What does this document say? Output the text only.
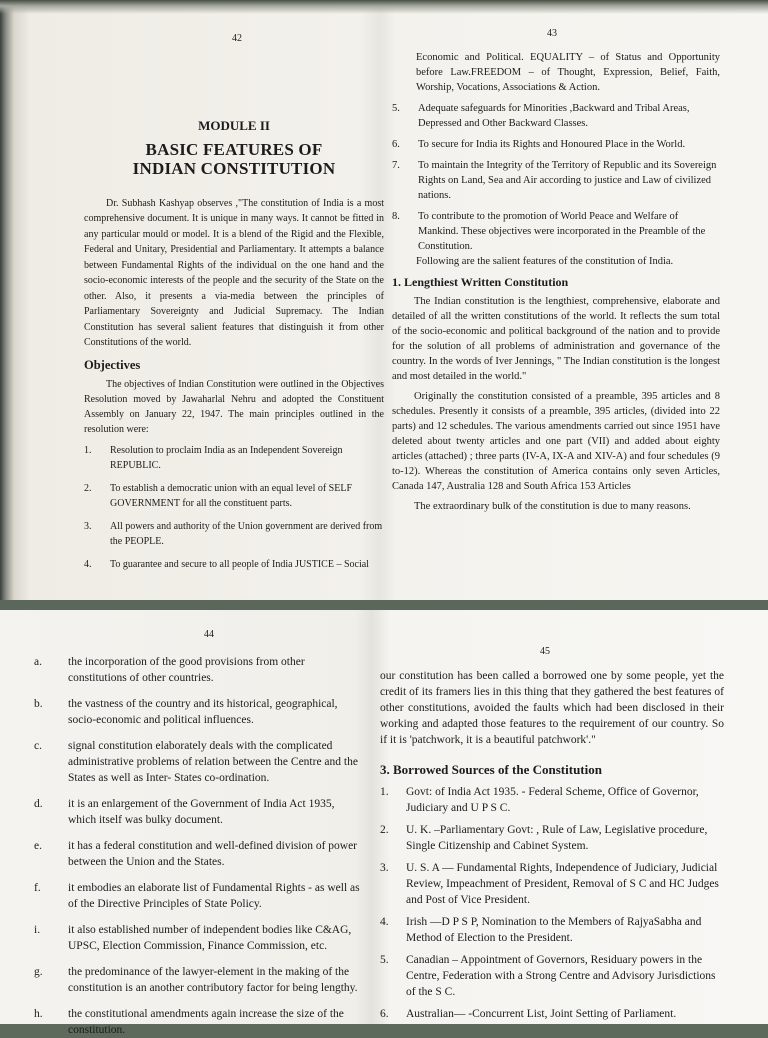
42
MODULE II
BASIC FEATURES OF
INDIAN CONSTITUTION

Dr. Subhash Kashyap observes ,"The constitution of India is a most comprehensive document. It is unique in many ways. It cannot be fitted in any particular mould or model. It is a blend of the Rigid and the Flexible, Federal and Unitary, Presidential and Parliamentary. It attempts a balance between Fundamental Rights of the individual on the one hand and the socio-economic interests of the people and the security of the State on the other. Also, it presents a via-media between the principles of Parliamentary Sovereignty and Judicial Supremacy. The Indian Constitution has several salient features that distinguish it from other Constitutions of the world.

Objectives

The objectives of Indian Constitution were outlined in the Objectives Resolution moved by Jawaharlal Nehru and adopted the Constituent Assembly on January 22, 1947. The main principles outlined in the resolution were:

1. Resolution to proclaim India as an Independent Sovereign REPUBLIC.

2. To establish a democratic union with an equal level of SELF GOVERNMENT for all the constituent parts.

3. All powers and authority of the Union government are derived from the PEOPLE.

4. To guarantee and secure to all people of India JUSTICE – Social

43

Economic and Political. EQUALITY – of Status and Opportunity before Law.FREEDOM – of Thought, Expression, Belief, Faith, Worship, Vocations, Associations & Action.

5. Adequate safeguards for Minorities ,Backward and Tribal Areas, Depressed and Other Backward Classes.

6. To secure for India its Rights and Honoured Place in the World.

7. To maintain the Integrity of the Territory of Republic and its Sovereign Rights on Land, Sea and Air according to justice and Law of civilized nations.

8. To contribute to the promotion of World Peace and Welfare of Mankind. These objectives were incorporated in the Preamble of the Constitution.

Following are the salient features of the constitution of India.

1. Lengthiest Written Constitution

The Indian constitution is the lengthiest, comprehensive, elaborate and detailed of all the written constitutions of the world. It reflects the sum total of the socio-economic and political background of the nation and to provide for the solution of all problems of administration and governance of the country. In the words of Iver Jennings, " The Indian constitution is the longest and most detailed in the world."

Originally the constitution consisted of a preamble, 395 articles and 8 schedules. Presently it consists of a preamble, 395 articles, (divided into 22 parts) and 12 schedules. The various amendments carried out since 1951 have deleted about twenty articles and one part (VII) and added about eighty articles (attached) ; three parts (IV-A, IX-A and XIV-A) and four schedules (9 to-12). Whereas the constitution of America contains only seven Articles, Canada 147, Australia 128 and South Africa 153 Articles

The extraordinary bulk of the constitution is due to many reasons.

44

a. the incorporation of the good provisions from other constitutions of other countries.

b. the vastness of the country and its historical, geographical, socio-economic and political influences.

c. signal constitution elaborately deals with the complicated administrative problems of relation between the Centre and the States as well as Inter- States co-ordination.

d. it is an enlargement of the Government of India Act 1935, which itself was bulky document.

e. it has a federal constitution and well-defined division of power between the Union and the States.

f. it embodies an elaborate list of Fundamental Rights - as well as of the Directive Principles of State Policy.

i. it also established number of independent bodies like C&AG, UPSC, Election Commission, Finance Commission, etc.

g. the predominance of the lawyer-element in the making of the constitution is an another contributory factor for being lengthy.

h. the constitutional amendments again increase the size of the constitution.

45

our constitution has been called a borrowed one by some people, yet the credit of its framers lies in this thing that they gathered the best features of other constitutions, avoided the faults which had been disclosed in their working and adapted those features to the requirement of our country. So if it is 'patchwork, it is a beautiful patchwork'."

3. Borrowed Sources of the Constitution

1. Govt: of India Act 1935. - Federal Scheme, Office of Governor, Judiciary and U P S C.

2. U. K. –Parliamentary Govt: , Rule of Law, Legislative procedure, Single Citizenship and Cabinet System.

3. U. S. A — Fundamental Rights, Independence of Judiciary, Judicial Review, Impeachment of President, Removal of S C and HC Judges and Post of Vice President.

4. Irish —D P S P, Nomination to the Members of RajyaSabha and Method of Election to the President.

5. Canadian – Appointment of Governors, Residuary powers in the Centre, Federation with a Strong Centre and Advisory Jurisdictions of the S C.

6. Australian— -Concurrent List, Joint Setting of Parliament.
